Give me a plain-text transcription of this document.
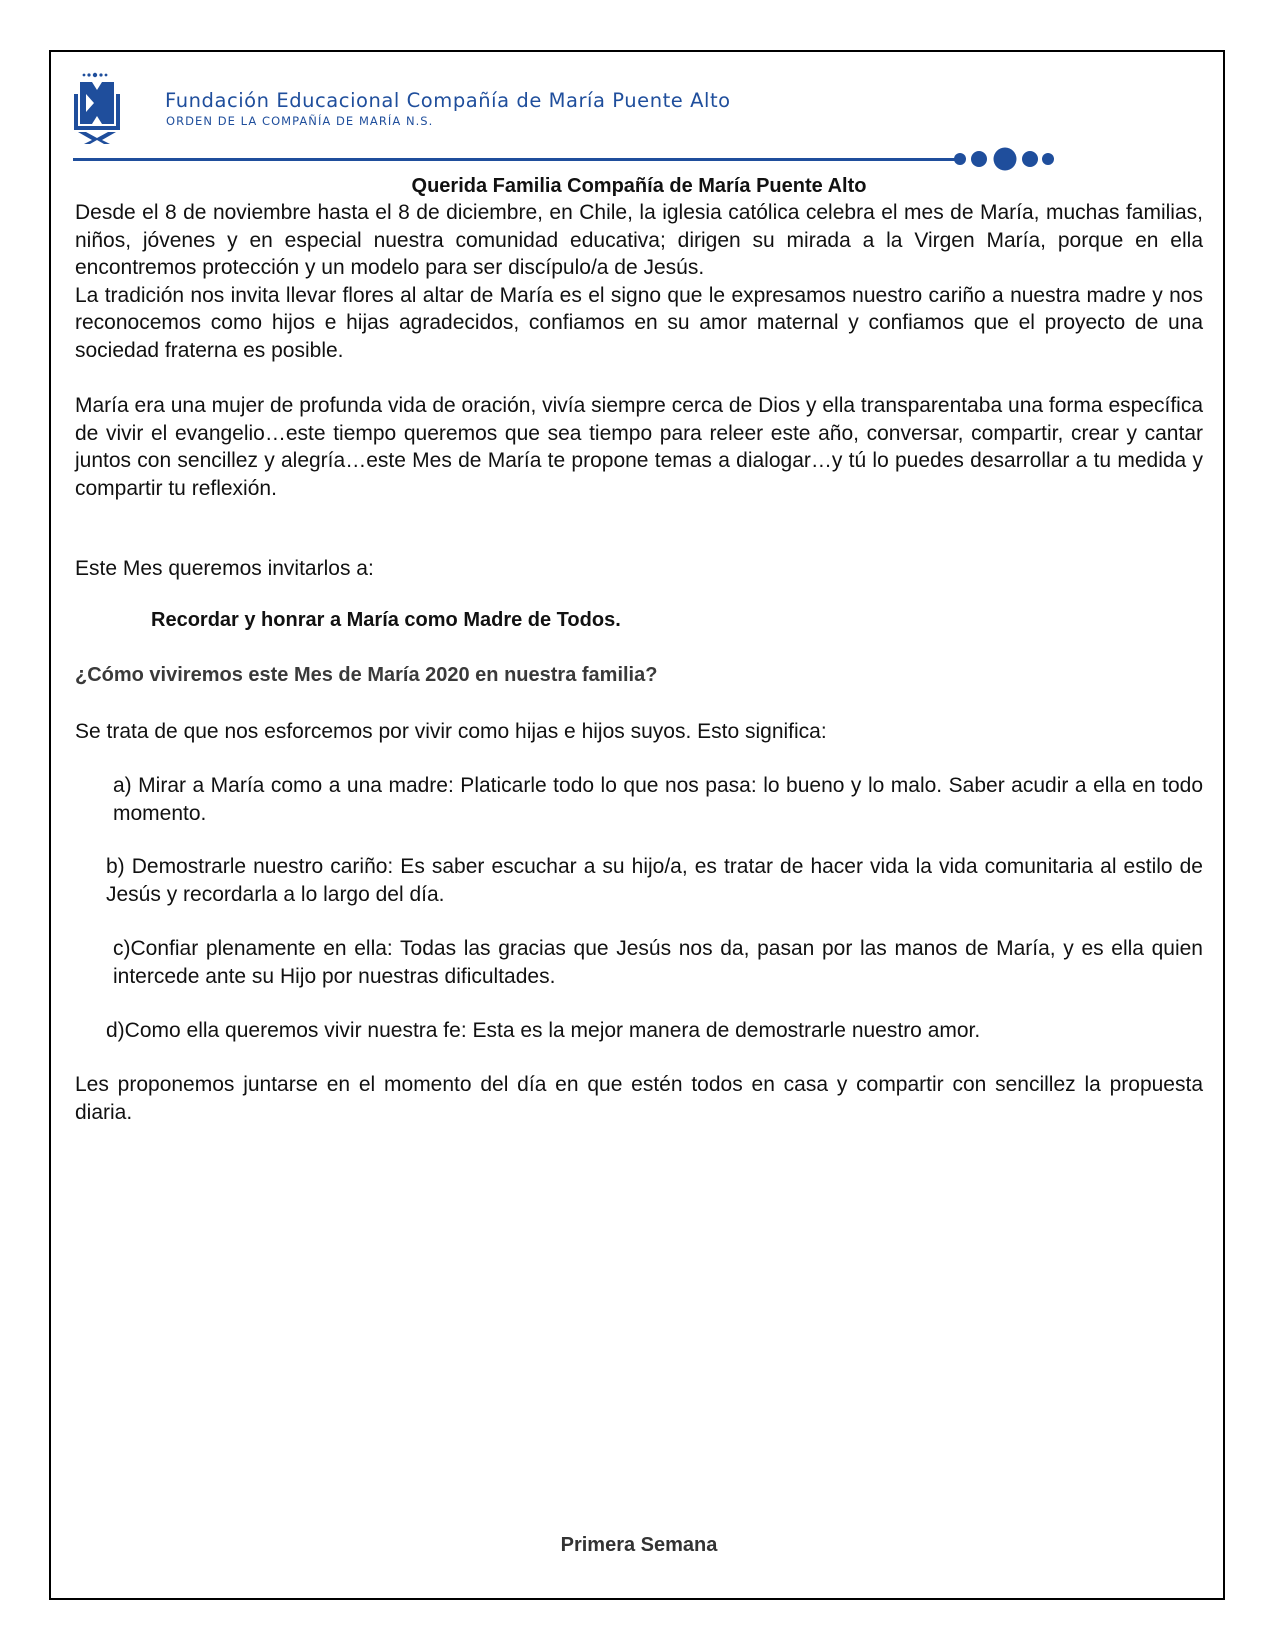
Fundación Educacional Compañía de María Puente Alto
ORDEN DE LA COMPAÑÍA DE MARÍA N.S.
Querida Familia Compañía de María Puente Alto

Desde el 8 de noviembre hasta el 8 de diciembre, en Chile, la iglesia católica celebra el mes de María, muchas familias, niños, jóvenes y en especial nuestra comunidad educativa; dirigen su mirada a la Virgen María, porque en ella encontremos protección y un modelo para ser discípulo/a de Jesús.

La tradición nos invita llevar flores al altar de María es el signo que le expresamos nuestro cariño a nuestra madre y nos reconocemos como hijos e hijas agradecidos, confiamos en su amor maternal y confiamos que el proyecto de una sociedad fraterna es posible.

María era una mujer de profunda vida de oración, vivía siempre cerca de Dios y ella transparentaba una forma específica de vivir el evangelio…este tiempo queremos que sea tiempo para releer este año, conversar, compartir, crear y cantar juntos con sencillez y alegría…este Mes de María te propone temas a dialogar…y tú lo puedes desarrollar a tu medida y compartir tu reflexión.

Este Mes queremos invitarlos a:

Recordar y honrar a María como Madre de Todos.
¿Cómo viviremos este Mes de María 2020 en nuestra familia?

Se trata de que nos esforcemos por vivir como hijas e hijos suyos. Esto significa:

a) Mirar a María como a una madre: Platicarle todo lo que nos pasa: lo bueno y lo malo. Saber acudir a ella en todo momento.

b) Demostrarle nuestro cariño: Es saber escuchar a su hijo/a, es tratar de hacer vida la vida comunitaria al estilo de Jesús y recordarla a lo largo del día.

c)Confiar plenamente en ella: Todas las gracias que Jesús nos da, pasan por las manos de María, y es ella quien intercede ante su Hijo por nuestras dificultades.

d)Como ella queremos vivir nuestra fe: Esta es la mejor manera de demostrarle nuestro amor.

Les proponemos juntarse en el momento del día en que estén todos en casa y compartir con sencillez la propuesta diaria.

Primera Semana
